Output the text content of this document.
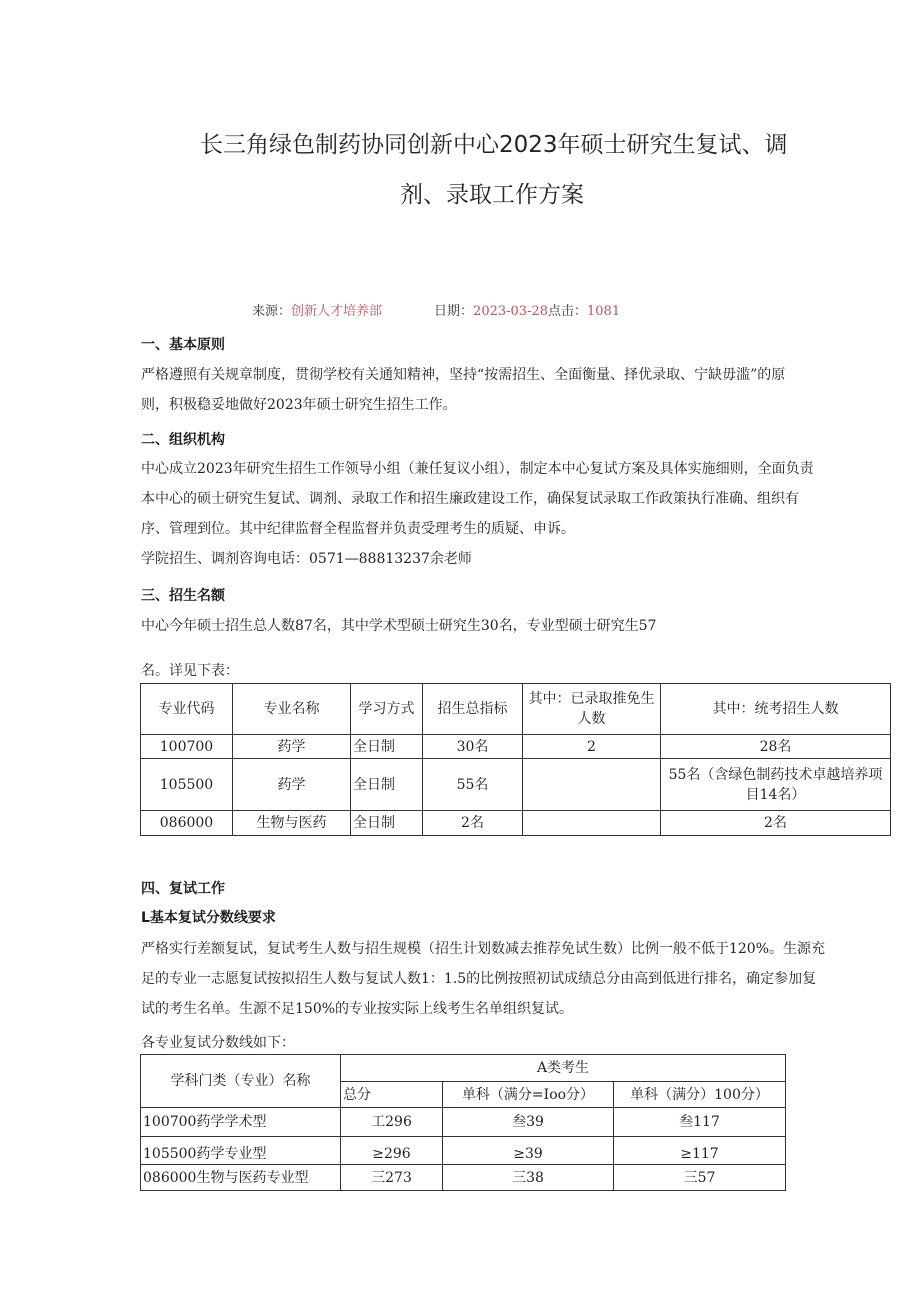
长三角绿色制药协同创新中心2023年硕士研究生复试、调
剂、录取工作方案
来源：创新人才培养部	日期：2023-03-28点击：1081
一、基本原则
严格遵照有关规章制度，贯彻学校有关通知精神，坚持“按需招生、全面衡量、择优录取、宁缺毋滥”的原
则，积极稳妥地做好2023年硕士研究生招生工作。
二、组织机构
中心成立2023年研究生招生工作领导小组（兼任复议小组），制定本中心复试方案及具体实施细则，全面负责
本中心的硕士研究生复试、调剂、录取工作和招生廉政建设工作，确保复试录取工作政策执行准确、组织有
序、管理到位。其中纪律监督全程监督并负责受理考生的质疑、申诉。
学院招生、调剂咨询电话：0571—88813237余老师
三、招生名额
中心今年硕士招生总人数87名，其中学术型硕士研究生30名，专业型硕士研究生57
名。详见下表：
专业代码	专业名称	学习方式	招生总指标	其中：已录取推免生人数	其中：统考招生人数
100700	药学	全日制	30名	2	28名
105500	药学	全日制	55名		55名（含绿色制药技术卓越培养项目14名）
086000	生物与医药	全日制	2名		2名
四、复试工作
L基本复试分数线要求
严格实行差额复试，复试考生人数与招生规模（招生计划数减去推荐免试生数）比例一般不低于120%。生源充
足的专业一志愿复试按拟招生人数与复试人数1：1.5的比例按照初试成绩总分由高到低进行排名，确定参加复
试的考生名单。生源不足150%的专业按实际上线考生名单组织复试。
各专业复试分数线如下：
学科门类（专业）名称	A类考生		
	总分	单科（满分=Ioo分）	单科（满分）100分）
100700药学学术型	工296	叁39	叁117
105500药学专业型	≥296	≥39	≥117
086000生物与医药专业型	三273	三38	三57
